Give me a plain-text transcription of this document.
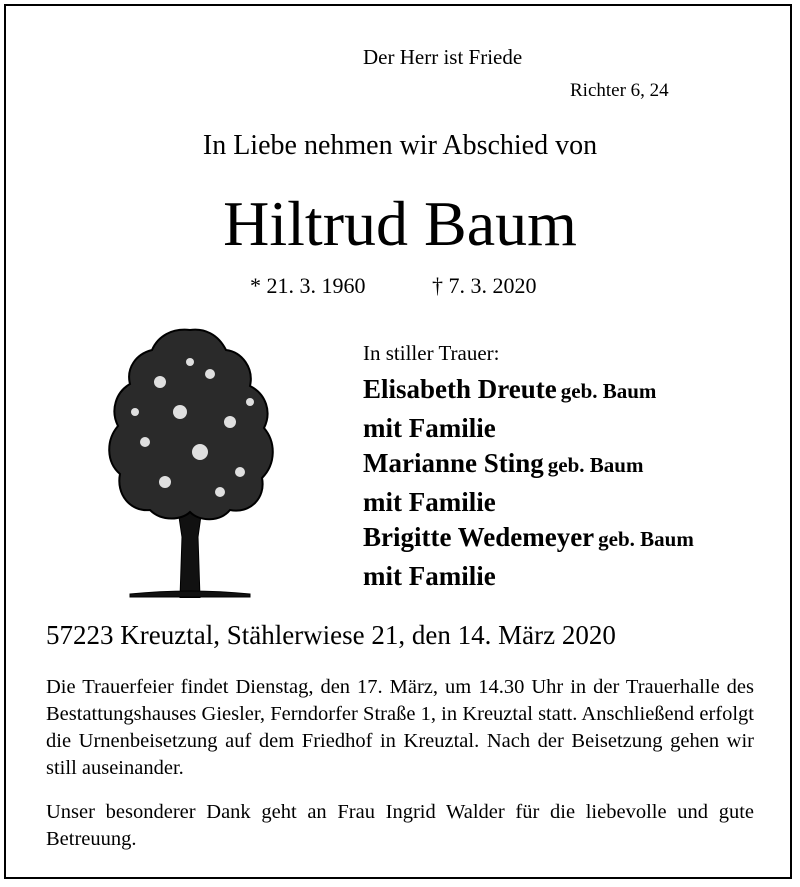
Der Herr ist Friede
Richter 6, 24
In Liebe nehmen wir Abschied von
Hiltrud Baum
* 21. 3. 1960	† 7. 3. 2020
In stiller Trauer:
Elisabeth Dreute geb. Baum
mit Familie
Marianne Sting geb. Baum
mit Familie
Brigitte Wedemeyer geb. Baum
mit Familie
57223 Kreuztal, Stählerwiese 21, den 14. März 2020
Die Trauerfeier findet Dienstag, den 17. März, um 14.30 Uhr in der Trauerhalle des Bestattungshauses Giesler, Ferndorfer Straße 1, in Kreuztal statt. Anschließend erfolgt die Urnenbeisetzung auf dem Friedhof in Kreuztal. Nach der Beisetzung gehen wir still auseinander.
Unser besonderer Dank geht an Frau Ingrid Walder für die liebevolle und gute Betreuung.
